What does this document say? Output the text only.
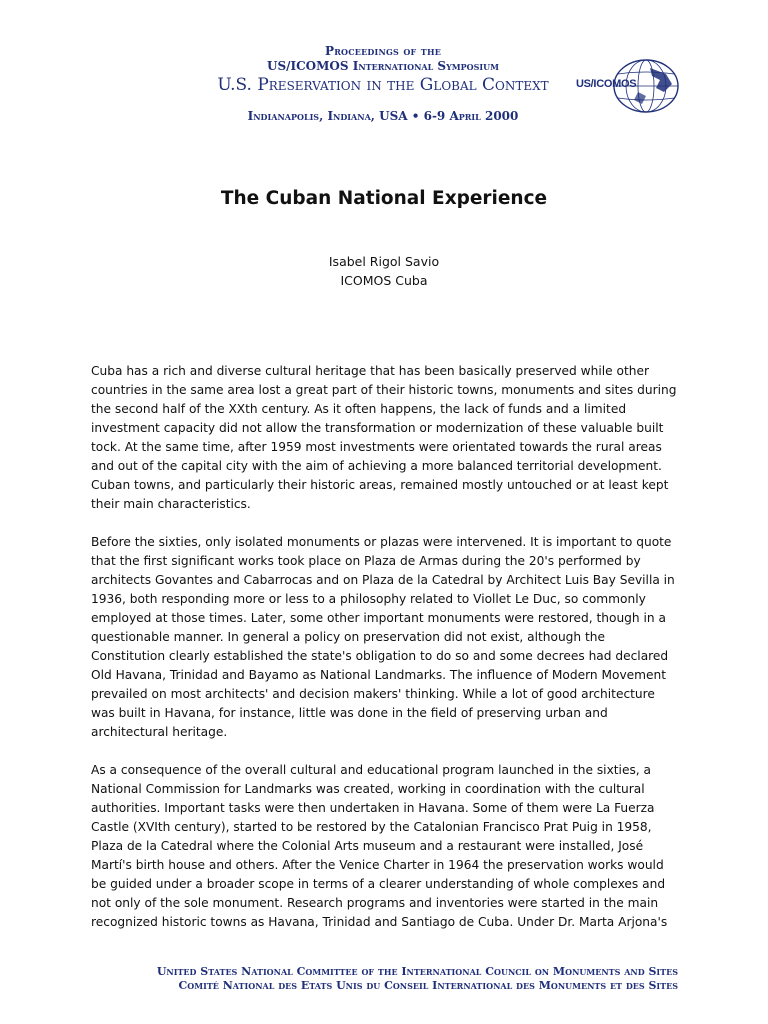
Proceedings of the
US/ICOMOS International Symposium
U.S. Preservation in the Global Context
Indianapolis, Indiana, USA • 6-9 April 2000
US/ICOMOS
The Cuban National Experience
Isabel Rigol Savio
ICOMOS Cuba

Cuba has a rich and diverse cultural heritage that has been basically preserved while other countries in the same area lost a great part of their historic towns, monuments and sites during the second half of the XXth century. As it often happens, the lack of funds and a limited investment capacity did not allow the transformation or modernization of these valuable built tock. At the same time, after 1959 most investments were orientated towards the rural areas and out of the capital city with the aim of achieving a more balanced territorial development. Cuban towns, and particularly their historic areas, remained mostly untouched or at least kept their main characteristics.

Before the sixties, only isolated monuments or plazas were intervened. It is important to quote that the first significant works took place on Plaza de Armas during the 20's performed by architects Govantes and Cabarrocas and on Plaza de la Catedral by Architect Luis Bay Sevilla in 1936, both responding more or less to a philosophy related to Viollet Le Duc, so commonly employed at those times. Later, some other important monuments were restored, though in a questionable manner. In general a policy on preservation did not exist, although the Constitution clearly established the state's obligation to do so and some decrees had declared Old Havana, Trinidad and Bayamo as National Landmarks. The influence of Modern Movement prevailed on most architects' and decision makers' thinking. While a lot of good architecture was built in Havana, for instance, little was done in the field of preserving urban and architectural heritage.

As a consequence of the overall cultural and educational program launched in the sixties, a National Commission for Landmarks was created, working in coordination with the cultural authorities. Important tasks were then undertaken in Havana. Some of them were La Fuerza Castle (XVIth century), started to be restored by the Catalonian Francisco Prat Puig in 1958, Plaza de la Catedral where the Colonial Arts museum and a restaurant were installed, José Martí's birth house and others. After the Venice Charter in 1964 the preservation works would be guided under a broader scope in terms of a clearer understanding of whole complexes and not only of the sole monument. Research programs and inventories were started in the main recognized historic towns as Havana, Trinidad and Santiago de Cuba. Under Dr. Marta Arjona's

United States National Committee of the International Council on Monuments and Sites
Comité National des Etats Unis du Conseil International des Monuments et des Sites
